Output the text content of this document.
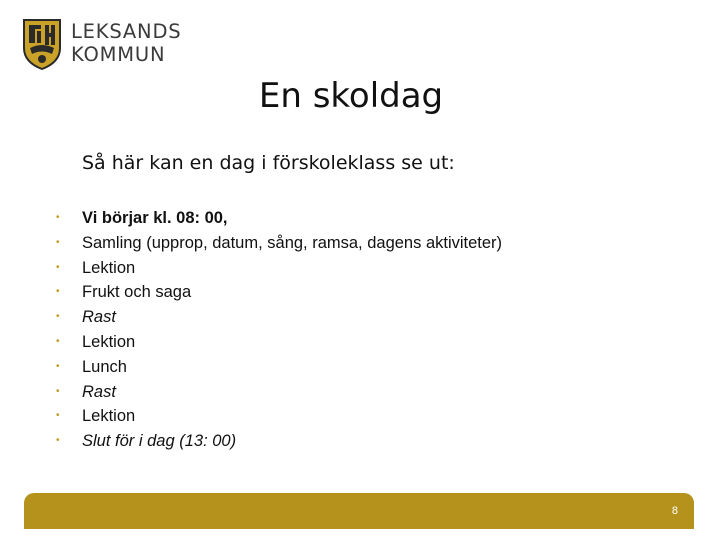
LEKSANDS
KOMMUN
En skoldag

Så här kan en dag i förskoleklass se ut:

• Vi börjar kl. 08: 00,
• Samling (upprop, datum, sång, ramsa, dagens aktiviteter)
• Lektion
• Frukt och saga
• Rast
• Lektion
• Lunch
• Rast
• Lektion
• Slut för i dag (13: 00)
8
